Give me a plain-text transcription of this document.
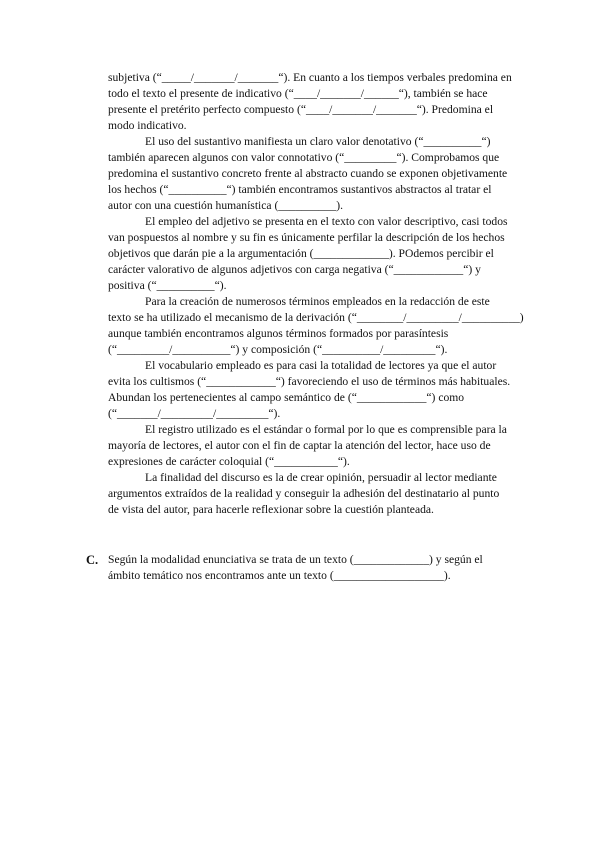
subjetiva (“_____/_______/_______“). En cuanto a los tiempos verbales predomina en
todo el texto el presente de indicativo (“____/_______/______“), también se hace
presente el pretérito perfecto compuesto (“____/_______/_______“). Predomina el
modo indicativo.
El uso del sustantivo manifiesta un claro valor denotativo (“__________“)
también aparecen algunos con valor connotativo (“_________“). Comprobamos que
predomina el sustantivo concreto frente al abstracto cuando se exponen objetivamente
los hechos (“__________“) también encontramos sustantivos abstractos al tratar el
autor con una cuestión humanística (__________).
El empleo del adjetivo se presenta en el texto con valor descriptivo, casi todos
van pospuestos al nombre y su fin es únicamente perfilar la descripción de los hechos
objetivos que darán pie a la argumentación (_____________). POdemos percibir el
carácter valorativo de algunos adjetivos con carga negativa (“____________“) y
positiva (“__________“).
Para la creación de numerosos términos empleados en la redacción de este
texto se ha utilizado el mecanismo de la derivación (“________/_________/__________)
aunque también encontramos algunos términos formados por parasíntesis
(“_________/__________“) y composición (“__________/_________“).
El vocabulario empleado es para casi la totalidad de lectores ya que el autor
evita los cultismos (“____________“) favoreciendo el uso de términos más habituales.
Abundan los pertenecientes al campo semántico de (“____________“) como
(“_______/_________/_________“).
El registro utilizado es el estándar o formal por lo que es comprensible para la
mayoría de lectores, el autor con el fin de captar la atención del lector, hace uso de
expresiones de carácter coloquial (“___________“).
La finalidad del discurso es la de crear opinión, persuadir al lector mediante
argumentos extraídos de la realidad y conseguir la adhesión del destinatario al punto
de vista del autor, para hacerle reflexionar sobre la cuestión planteada.
C. Según la modalidad enunciativa se trata de un texto (_____________) y según el
ámbito temático nos encontramos ante un texto (___________________).
